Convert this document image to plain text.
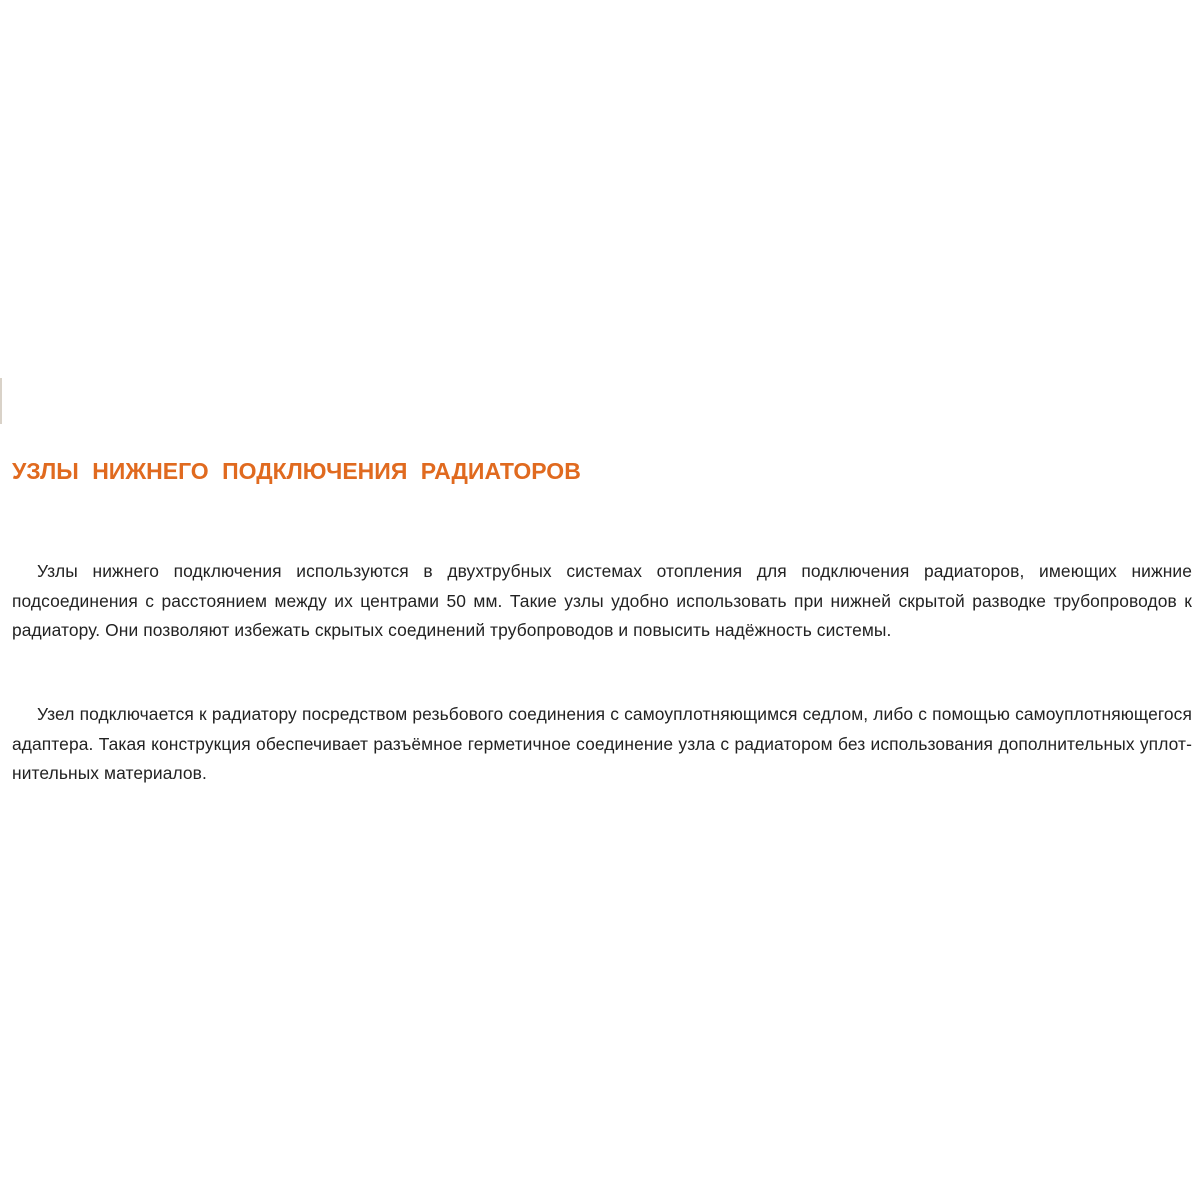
УЗЛЫ НИЖНЕГО ПОДКЛЮЧЕНИЯ РАДИАТОРОВ

Узлы нижнего подключения используются в двухтрубных системах отопления для подключения радиаторов, имеющих нижние подсоединения с расстоянием между их центрами 50 мм. Такие узлы удобно использовать при нижней скрытой разводке трубопроводов к радиатору. Они позволяют избежать скрытых соединений трубопроводов и повысить надёжность системы.

Узел подключается к радиатору посредством резьбового соединения с самоуплотняющимся седлом, либо с помощью самоуплотняющегося адаптера. Такая конструкция обеспечивает разъёмное герметичное соединение узла с радиатором без использования дополнительных уплот-нительных материалов.
